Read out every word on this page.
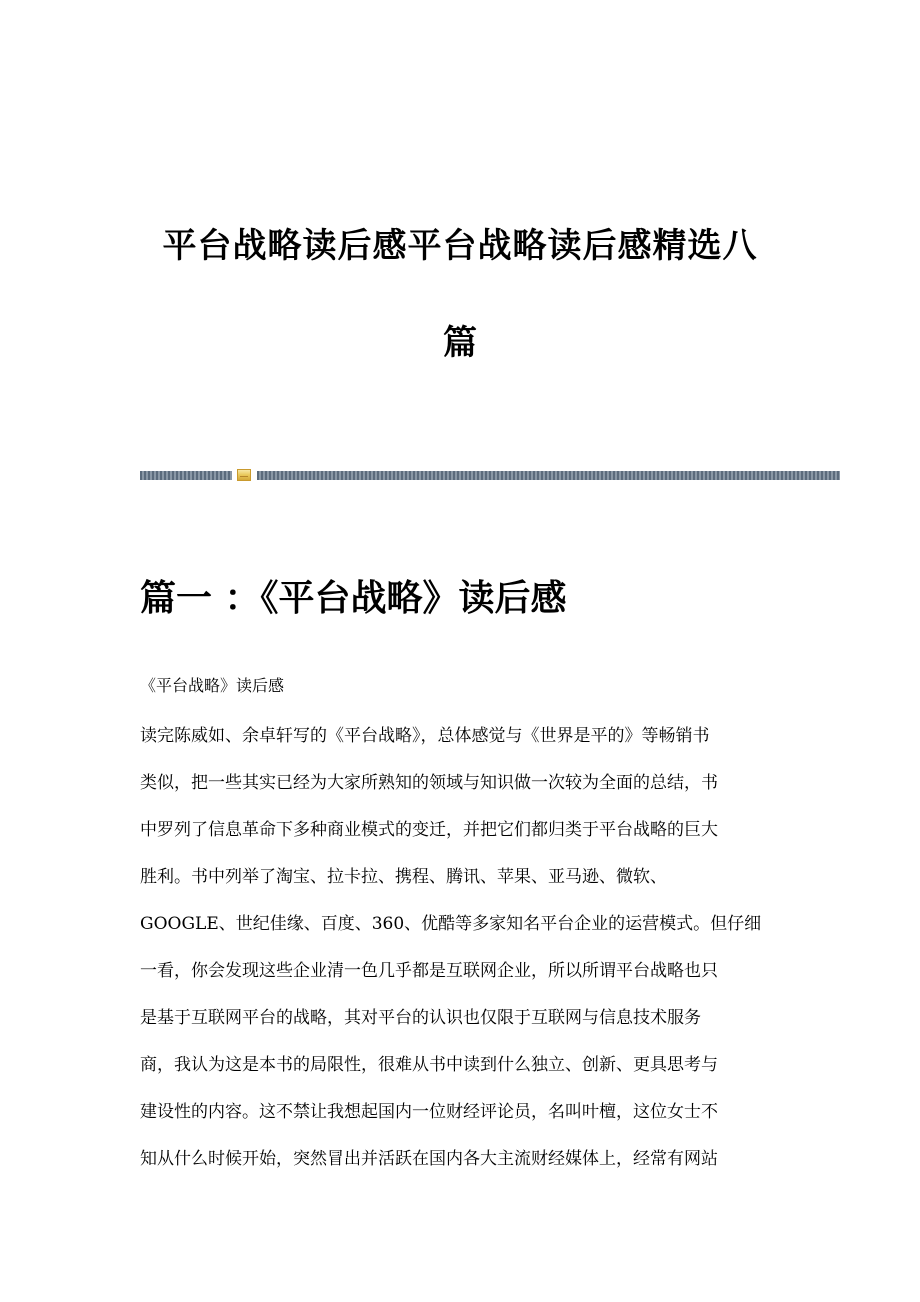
平台战略读后感平台战略读后感精选八
篇
篇一 ：《平台战略》读后感

《平台战略》读后感

读完陈威如、余卓轩写的《平台战略》，总体感觉与《世界是平的》等畅销书
类似，把一些其实已经为大家所熟知的领域与知识做一次较为全面的总结，书
中罗列了信息革命下多种商业模式的变迁，并把它们都归类于平台战略的巨大
胜利。书中列举了淘宝、拉卡拉、携程、腾讯、苹果、亚马逊、微软、
GOOGLE、世纪佳缘、百度、360、优酷等多家知名平台企业的运营模式。但仔细
一看，你会发现这些企业清一色几乎都是互联网企业，所以所谓平台战略也只
是基于互联网平台的战略，其对平台的认识也仅限于互联网与信息技术服务
商，我认为这是本书的局限性，很难从书中读到什么独立、创新、更具思考与
建设性的内容。这不禁让我想起国内一位财经评论员，名叫叶檀，这位女士不
知从什么时候开始，突然冒出并活跃在国内各大主流财经媒体上，经常有网站
